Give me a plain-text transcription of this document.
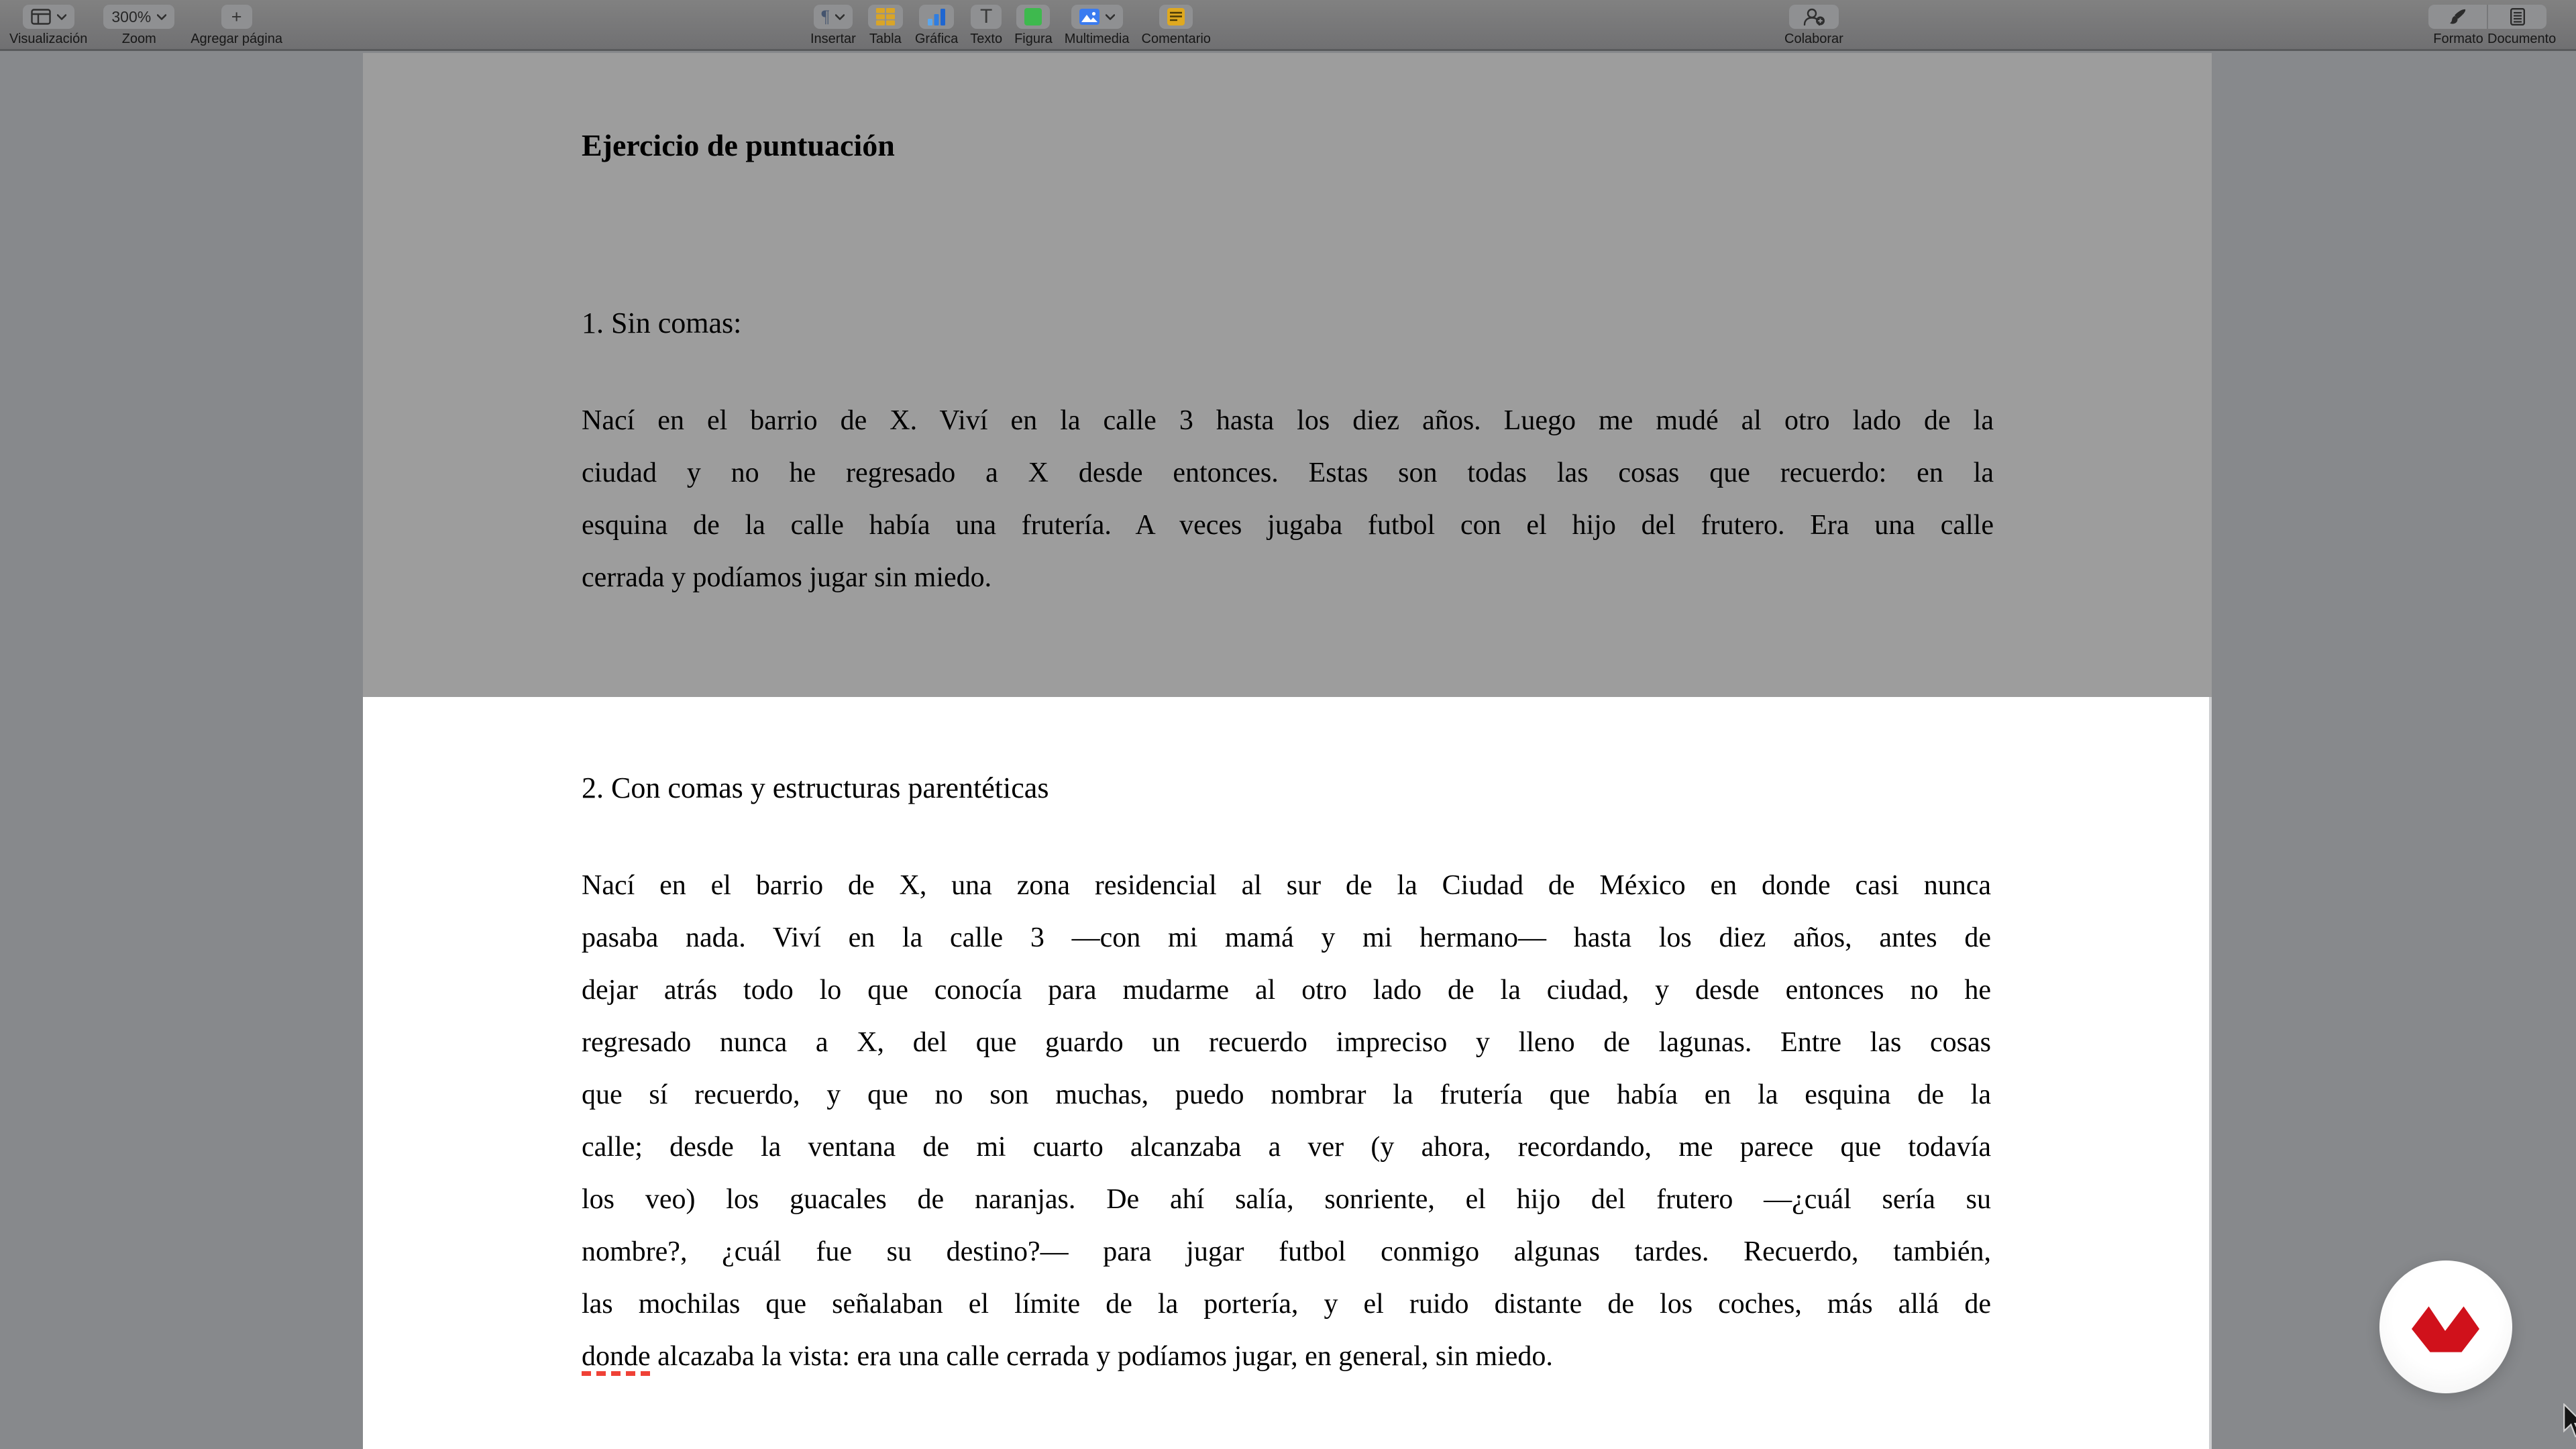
Visualización
300%
Zoom
+
Agregar página
¶
Insertar Tabla Gráfica
T
Texto Figura Multimedia Comentario	Colaborar	Formato Documento
Ejercicio de puntuación
1. Sin comas:
Nací en el barrio de X. Viví en la calle 3 hasta los diez años. Luego me mudé al otro lado de la
ciudad y no he regresado a X desde entonces. Estas son todas las cosas que recuerdo: en la
esquina de la calle había una frutería. A veces jugaba futbol con el hijo del frutero. Era una calle
cerrada y podíamos jugar sin miedo.
2. Con comas y estructuras parentéticas
Nací en el barrio de X, una zona residencial al sur de la Ciudad de México en donde casi nunca
pasaba nada. Viví en la calle 3 —con mi mamá y mi hermano— hasta los diez años, antes de
dejar atrás todo lo que conocía para mudarme al otro lado de la ciudad, y desde entonces no he
regresado nunca a X, del que guardo un recuerdo impreciso y lleno de lagunas. Entre las cosas
que sí recuerdo, y que no son muchas, puedo nombrar la frutería que había en la esquina de la
calle; desde la ventana de mi cuarto alcanzaba a ver (y ahora, recordando, me parece que todavía
los veo) los guacales de naranjas. De ahí salía, sonriente, el hijo del frutero —¿cuál sería su
nombre?, ¿cuál fue su destino?— para jugar futbol conmigo algunas tardes. Recuerdo, también,
las mochilas que señalaban el límite de la portería, y el ruido distante de los coches, más allá de
donde alcazaba la vista: era una calle cerrada y podíamos jugar, en general, sin miedo.
